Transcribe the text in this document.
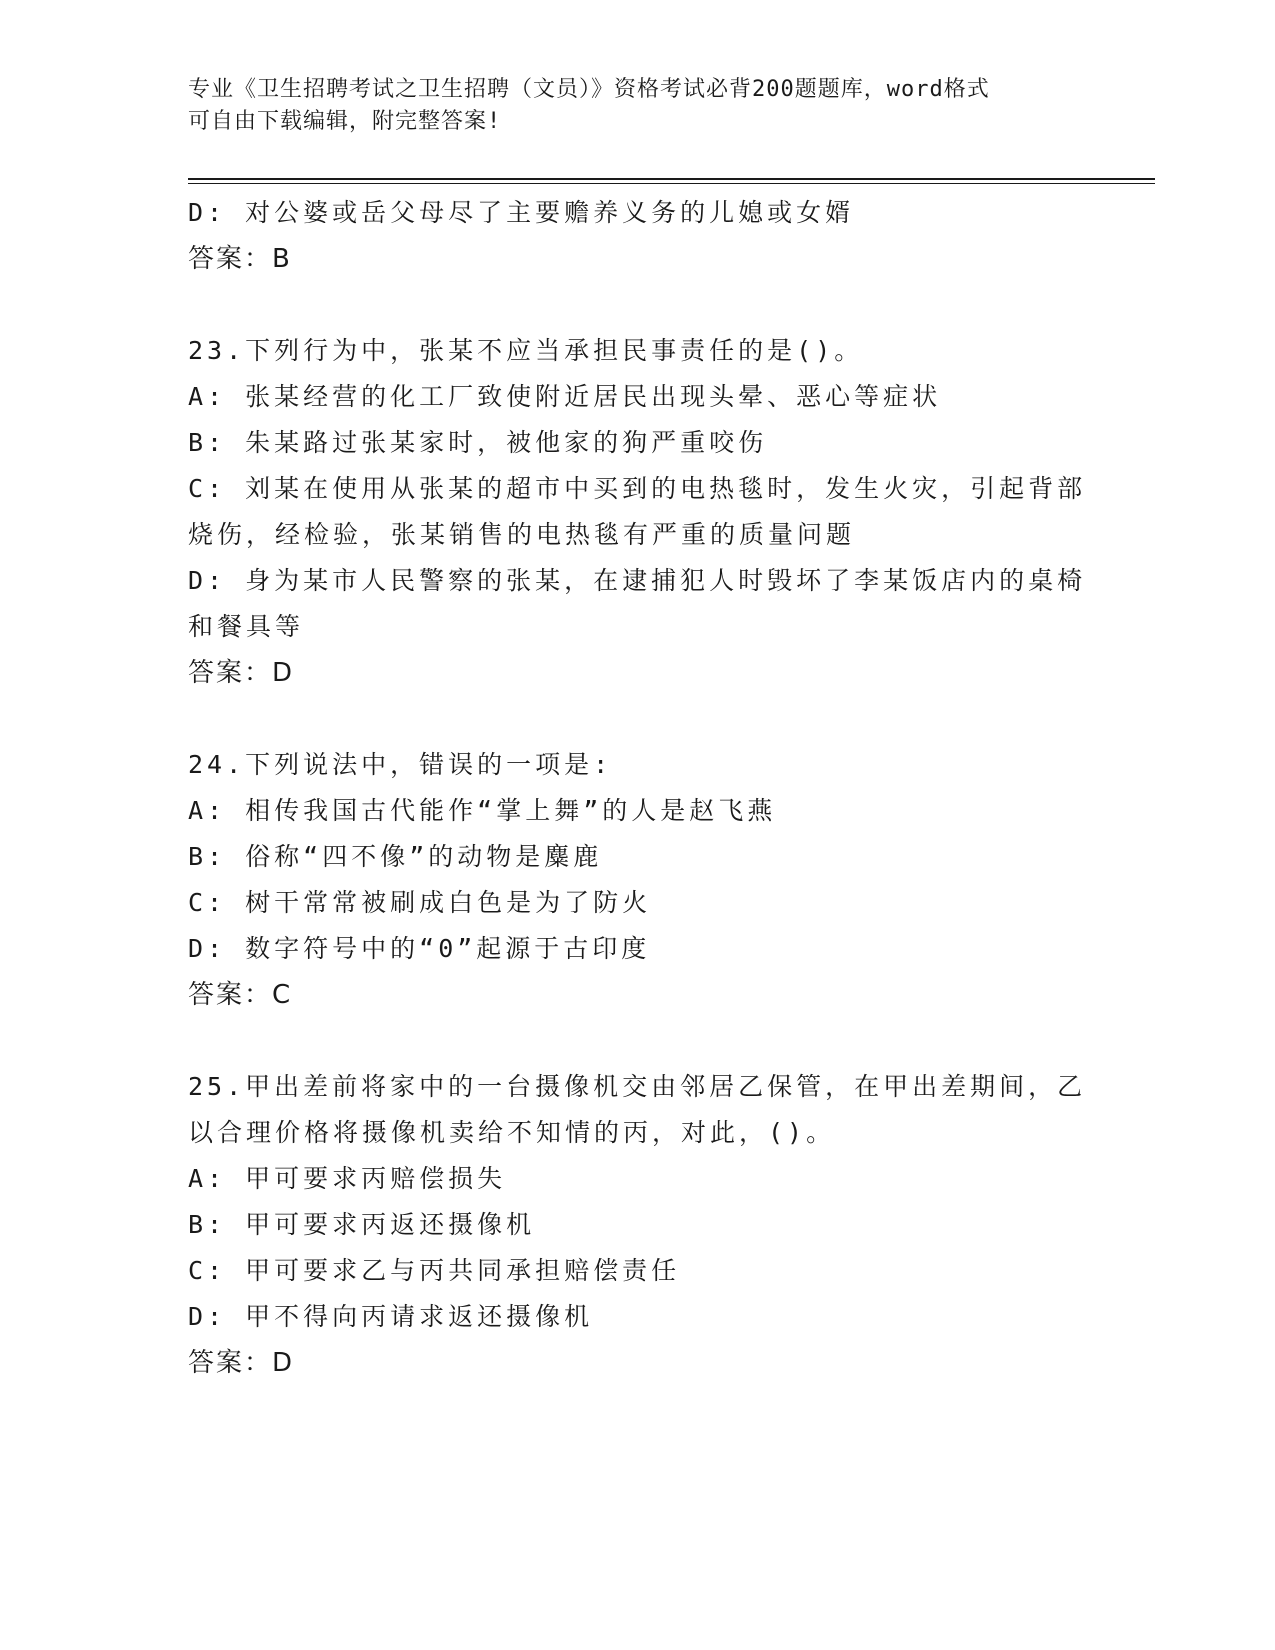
专业《卫生招聘考试之卫生招聘（文员）》资格考试必背200题题库，word格式
可自由下载编辑，附完整答案!

D: 对公婆或岳父母尽了主要赡养义务的儿媳或女婿

答案：B

23.下列行为中，张某不应当承担民事责任的是()。

A: 张某经营的化工厂致使附近居民出现头晕、恶心等症状

B: 朱某路过张某家时，被他家的狗严重咬伤

C: 刘某在使用从张某的超市中买到的电热毯时，发生火灾，引起背部

烧伤，经检验，张某销售的电热毯有严重的质量问题

D: 身为某市人民警察的张某，在逮捕犯人时毁坏了李某饭店内的桌椅

和餐具等

答案：D

24.下列说法中，错误的一项是:

A: 相传我国古代能作“掌上舞”的人是赵飞燕

B: 俗称“四不像”的动物是麋鹿

C: 树干常常被刷成白色是为了防火

D: 数字符号中的“0”起源于古印度

答案：C

25.甲出差前将家中的一台摄像机交由邻居乙保管，在甲出差期间，乙

以合理价格将摄像机卖给不知情的丙，对此，()。

A: 甲可要求丙赔偿损失

B: 甲可要求丙返还摄像机

C: 甲可要求乙与丙共同承担赔偿责任

D: 甲不得向丙请求返还摄像机

答案：D
